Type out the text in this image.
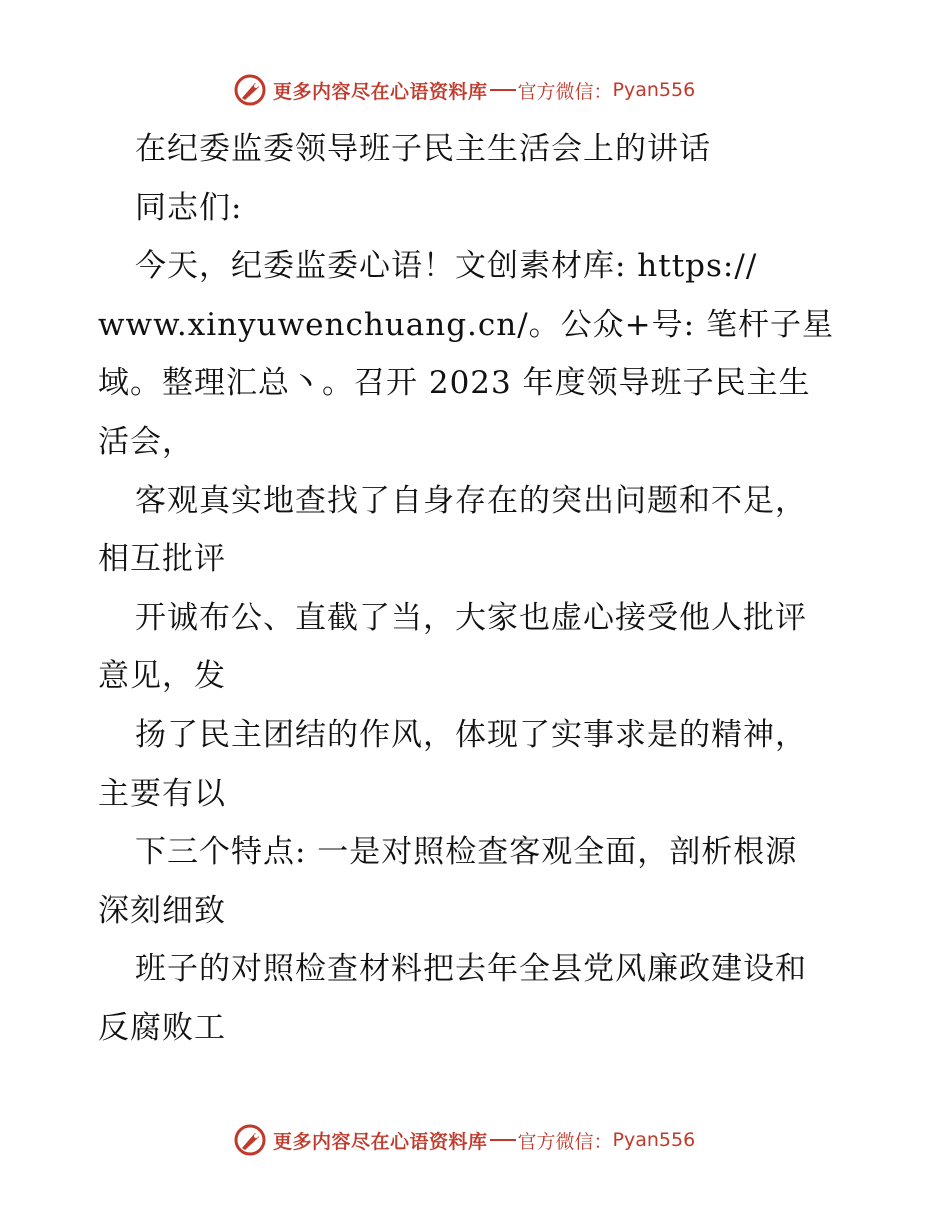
更多内容尽在心语资料库 官方微信： Pyan556

在纪委监委领导班子民主生活会上的讲话

同志们:

今天，纪委监委心语！文创素材库: https://

www.xinyuwenchuang.cn/。公众+号: 笔杆子星

域。整理汇总丶。召开 2023 年度领导班子民主生

活会，

客观真实地查找了自身存在的突出问题和不足，

相互批评

开诚布公、直截了当，大家也虚心接受他人批评

意见，发

扬了民主团结的作风，体现了实事求是的精神，

主要有以

下三个特点: 一是对照检查客观全面，剖析根源

深刻细致

班子的对照检查材料把去年全县党风廉政建设和

反腐败工

更多内容尽在心语资料库 官方微信： Pyan556
